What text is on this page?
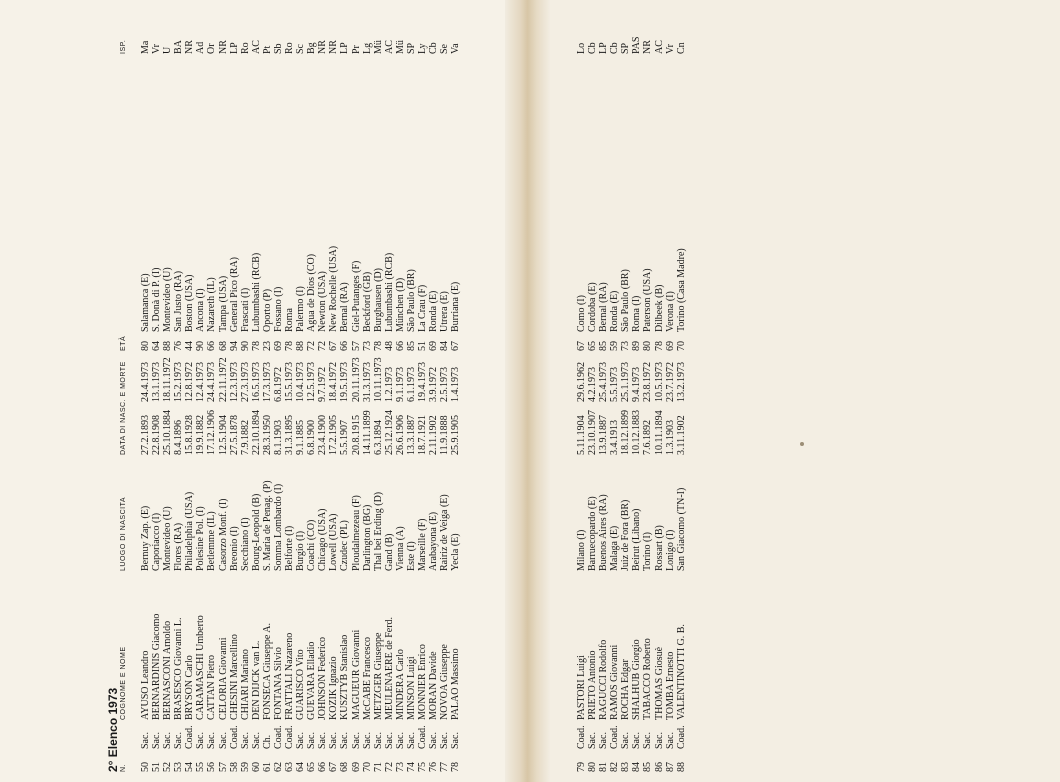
2° Elenco 1973 N.
COGNOME E NOME
LUOGO DI NASCITA
DATA DI NASC. E MORTE
ETÀ
ISP.
50
Sac.
AYUSO Leandro
Bernuy Zap. (E)
27.2.1893
24.4.1973
80
Salamanca (E)
Ma
51
Sac.
BERNARDINIS Giacomo
Caporiacco (I)
22.8.1908
13.1.1973
64
S. Donà di P. (I)
Vr
52
Sac.
BERNASCONI Arnoldo
Montevideo (U)
25.10.1884
18.11.1972
88
Montevideo (U)
U
53
Sac.
BRASESCO Giovanni L.
Flores (RA)
8.4.1896
15.2.1973
76
San Justo (RA)
BA
54
Coad.
BRYSON Carlo
Philadelphia (USA)
15.8.1928
12.8.1972
44
Boston (USA)
NR
55
Sac.
CARAMASCHI Umberto
Polesine Pol. (I)
19.9.1882
12.4.1973
90
Ancona (I)
Ad
56
Sac.
CATTAN Pietro
Betlemme (IL)
17.12.1906
24.4.1973
66
Nazareth (IL)
Or
57
Sac.
CELORIA Giovanni
Casorzo Monf. (I)
12.5.1904
22.11.1972
68
Tampa (USA)
NR
58
Coad.
CHESINI Marcellino
Breonio (I)
27.5.1878
12.3.1973
94
General Pico (RA)
LP
59
Sac.
CHIARI Mariano
Secchiano (I)
7.9.1882
27.3.1973
90
Frascati (I)
Ro
60
Sac.
DEN DIJCK van L.
Bourg-Leopold (B)
22.10.1894
16.5.1973
78
Lubumbashi (RCB)
AC
61
Ch.
FONSECA Giuseppe A.
S. Maria de Penag. (P)
28.3.1950
17.3.1973
23
Oporto (P)
Pt
62
Coad.
FONTANA Silvio
Somma Lombardo (I)
8.1.1903
6.8.1972
69
Fossano (I)
Sb
63
Coad.
FRATTALI Nazareno
Belforte (I)
31.3.1895
15.5.1973
78
Roma
Ro
64
Sac.
GUARISCO Vito
Burgio (I)
9.1.1885
10.4.1973
88
Palermo (I)
Sc
65
Sac.
GUEVARA Elladio
Coachi (CO)
6.8.1900
12.5.1973
72
Agua de Dios (CO)
Bg
66
Sac.
JOHNSON Federico
Chicago (USA)
23.4.1900
9.7.1972
72
Newton (USA)
NR
67
Sac.
KOZIK Ignazio
Lowell (USA)
17.2.1905
18.4.1972
67
New Rochelle (USA)
NR
68
Sac.
KUSZTYB Stanislao
Czudec (PL)
5.5.1907
19.5.1973
66
Bernal (RA)
LP
69
Sac.
MAGUEUR Giovanni
Ploudalmezeau (F)
20.8.1915
20.11.1973
57
Giel-Putanges (F)
Pr
70
Sac.
McCABE Francesco
Darlington (BG)
14.11.1899
31.3.1973
73
Beckford (GB)
Lg
71
Sac.
METZGER Giuseppe
Thal bei Erding (D)
6.3.1894
10.11.1973
78
Burghausen (D)
Mü
72
Sac.
MEULENAERE de Ferd.
Gand (B)
25.12.1924
1.2.1973
48
Lubumbashi (RCB)
AC
73
Sac.
MINDERA Carlo
Vienna (A)
26.6.1906
9.1.1973
66
München (D)
Mü
74
Sac.
MINSON Luigi
Este (I)
13.3.1887
6.1.1973
85
São Paulo (BR)
SP
75
Coad.
MONNIER Enrico
Marseille (F)
18.7.1921
19.4.1973
51
La Crau (F)
Ly
76
Sac.
MORAN Davide
Arabayona (E)
2.11.1902
3.9.1972
69
Ronda (E)
Cb
77
Sac.
NOVOA Giuseppe
Rairiz de Veiga (E)
11.9.1888
2.5.1973
84
Utrera (E)
Se
78
Sac.
PALAO Massimo
Yecla (E)
25.9.1905
1.4.1973
67
Burriana (E)
Va
79
Coad.
PASTORI Luigi
Milano (I)
5.11.1904
29.6.1962
67
Como (I)
Lo
80
Sac.
PRIETO Antonio
Barruecopardo (E)
23.10.1907
4.2.1973
65
Cordoba (E)
Cb
81
Sac.
RAGUCCI Rodolfo
Buenos Aires (RA)
13.9.1887
25.4.1973
85
Bernal (RA)
LP
82
Coad.
RAMOS Giovanni
Malaga (E)
3.4.1913
5.5.1973
59
Ronda (E)
Cb
83
Sac.
ROCHA Edgar
Juiz de Fora (BR)
18.12.1899
25.1.1973
73
São Paulo (BR)
SP
84
Sac.
SHALHUB Giorgio
Beirut (Libano)
10.12.1883
9.4.1973
89
Roma (I)
PAS
85
Sac.
TABACCO Roberto
Torino (I)
7.6.1892
23.8.1972
80
Paterson (USA)
NR
86
Sac.
THOMAS Giosuè
Rossart (B)
10.11.1894
10.5.1973
78
Dilbeek (B)
AC
87
Sac.
TOMBA Ernesto
Lonigo (I)
1.3.1903
23.7.1972
69
Verona (I)
Vr
88
Coad.
VALENTINOTTI G. B.
San Giacomo (TN-I)
3.11.1902
13.2.1973
70
Torino (Casa Madre)
Cn
